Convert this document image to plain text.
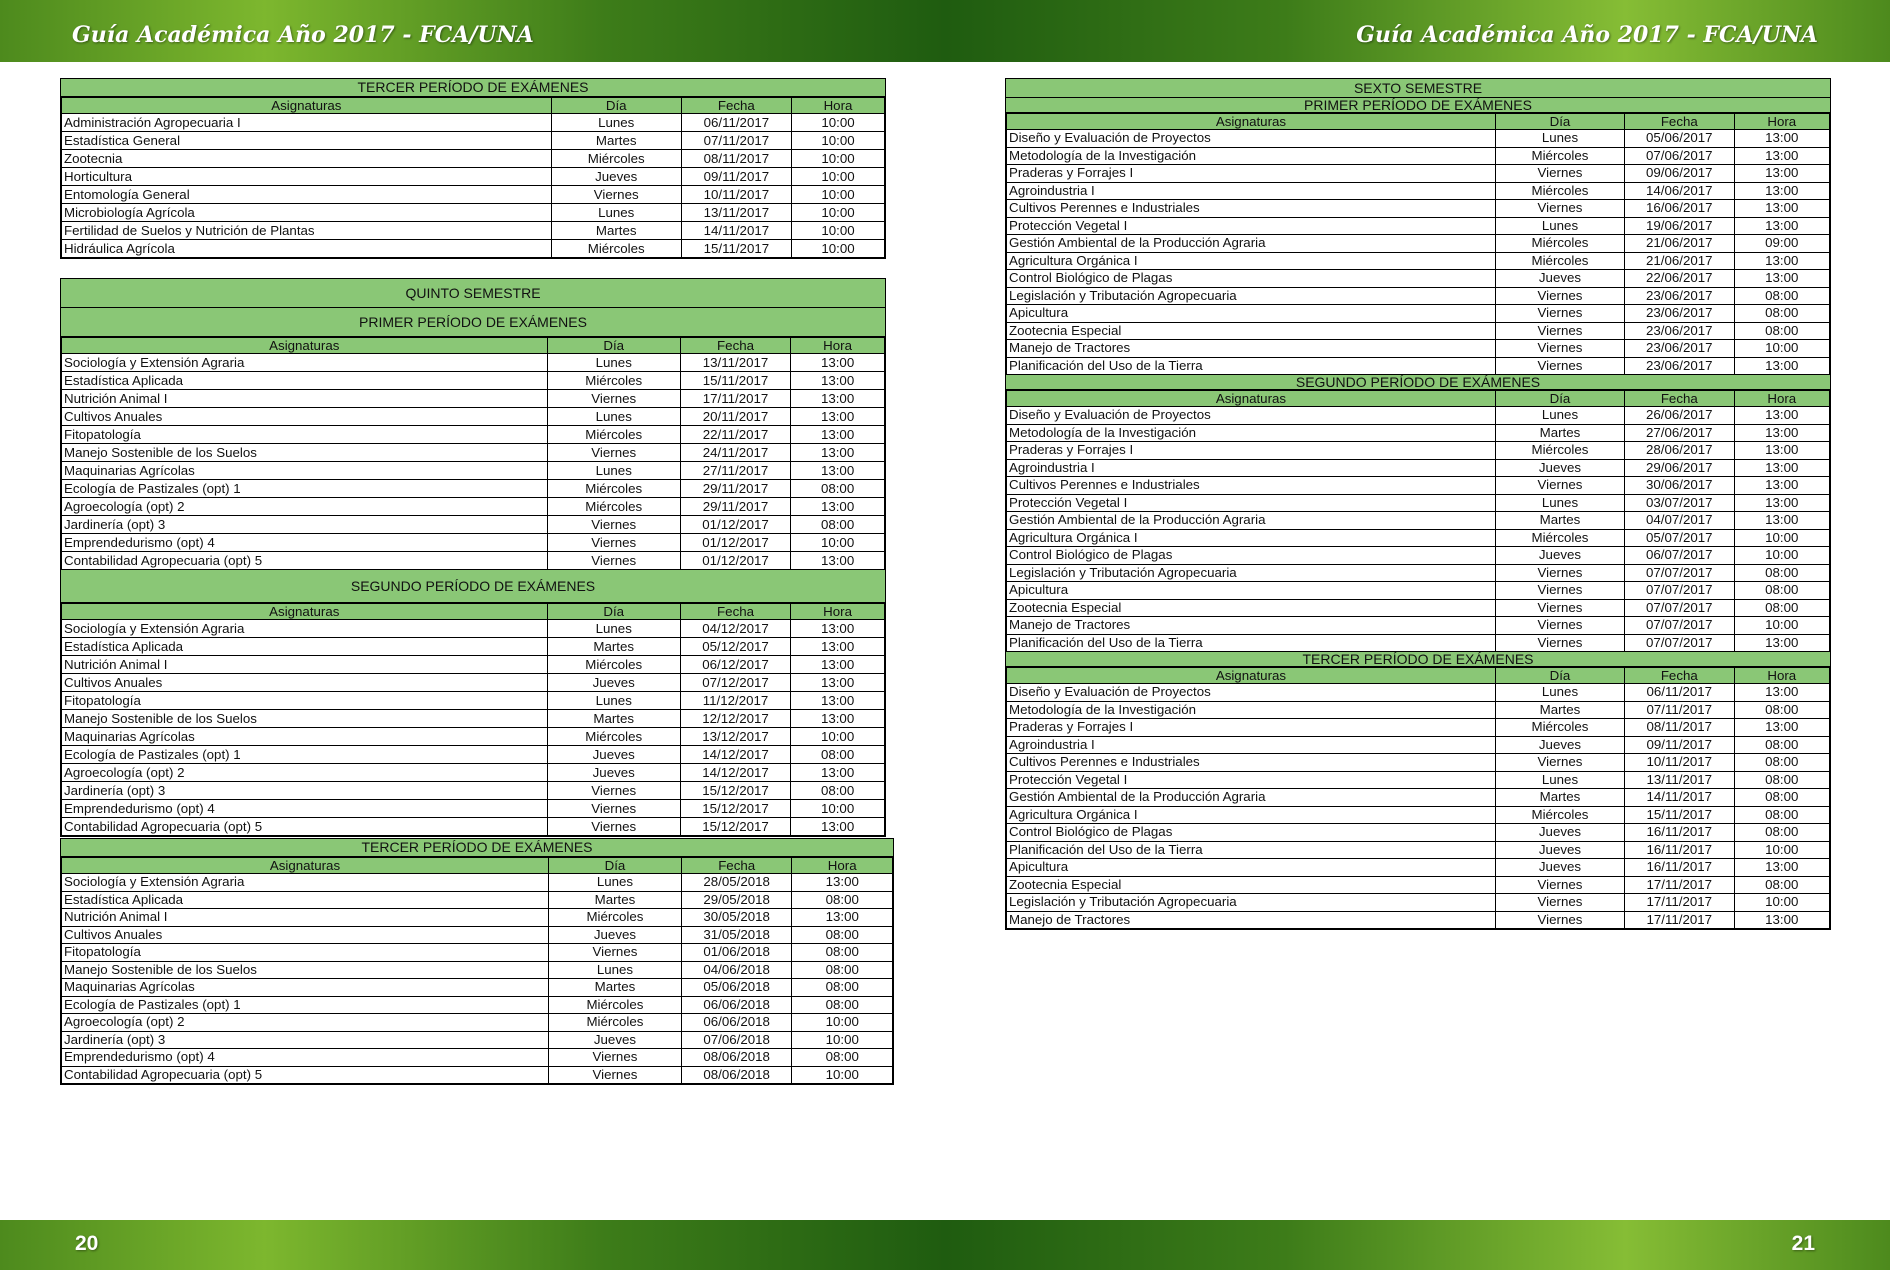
Guía Académica Año 2017 - FCA/UNA	Guía Académica Año 2017 - FCA/UNA
TERCER PERÍODO DE EXÁMENES
Asignaturas	Día	Fecha	Hora
Administración Agropecuaria I	Lunes	06/11/2017	10:00
Estadística General	Martes	07/11/2017	10:00
Zootecnia	Miércoles	08/11/2017	10:00
Horticultura	Jueves	09/11/2017	10:00
Entomología General	Viernes	10/11/2017	10:00
Microbiología Agrícola	Lunes	13/11/2017	10:00
Fertilidad de Suelos y Nutrición de Plantas	Martes	14/11/2017	10:00
Hidráulica Agrícola	Miércoles	15/11/2017	10:00
QUINTO SEMESTRE
PRIMER PERÍODO DE EXÁMENES
Asignaturas	Día	Fecha	Hora
Sociología y Extensión Agraria	Lunes	13/11/2017	13:00
Estadística Aplicada	Miércoles	15/11/2017	13:00
Nutrición Animal I	Viernes	17/11/2017	13:00
Cultivos Anuales	Lunes	20/11/2017	13:00
Fitopatología	Miércoles	22/11/2017	13:00
Manejo Sostenible de los Suelos	Viernes	24/11/2017	13:00
Maquinarias Agrícolas	Lunes	27/11/2017	13:00
Ecología de Pastizales (opt) 1	Miércoles	29/11/2017	08:00
Agroecología (opt) 2	Miércoles	29/11/2017	13:00
Jardinería (opt) 3	Viernes	01/12/2017	08:00
Emprendedurismo (opt) 4	Viernes	01/12/2017	10:00
Contabilidad Agropecuaria (opt) 5	Viernes	01/12/2017	13:00
SEGUNDO PERÍODO DE EXÁMENES
Asignaturas	Día	Fecha	Hora
Sociología y Extensión Agraria	Lunes	04/12/2017	13:00
Estadística Aplicada	Martes	05/12/2017	13:00
Nutrición Animal I	Miércoles	06/12/2017	13:00
Cultivos Anuales	Jueves	07/12/2017	13:00
Fitopatología	Lunes	11/12/2017	13:00
Manejo Sostenible de los Suelos	Martes	12/12/2017	13:00
Maquinarias Agrícolas	Miércoles	13/12/2017	10:00
Ecología de Pastizales (opt) 1	Jueves	14/12/2017	08:00
Agroecología (opt) 2	Jueves	14/12/2017	13:00
Jardinería (opt) 3	Viernes	15/12/2017	08:00
Emprendedurismo (opt) 4	Viernes	15/12/2017	10:00
Contabilidad Agropecuaria (opt) 5	Viernes	15/12/2017	13:00
TERCER PERÍODO DE EXÁMENES
Asignaturas	Día	Fecha	Hora
Sociología y Extensión Agraria	Lunes	28/05/2018	13:00
Estadística Aplicada	Martes	29/05/2018	08:00
Nutrición Animal I	Miércoles	30/05/2018	13:00
Cultivos Anuales	Jueves	31/05/2018	08:00
Fitopatología	Viernes	01/06/2018	08:00
Manejo Sostenible de los Suelos	Lunes	04/06/2018	08:00
Maquinarias Agrícolas	Martes	05/06/2018	08:00
Ecología de Pastizales (opt) 1	Miércoles	06/06/2018	08:00
Agroecología (opt) 2	Miércoles	06/06/2018	10:00
Jardinería (opt) 3	Jueves	07/06/2018	10:00
Emprendedurismo (opt) 4	Viernes	08/06/2018	08:00
Contabilidad Agropecuaria (opt) 5	Viernes	08/06/2018	10:00
SEXTO SEMESTRE
PRIMER PERÍODO DE EXÁMENES
Asignaturas	Día	Fecha	Hora
Diseño y Evaluación de Proyectos	Lunes	05/06/2017	13:00
Metodología de la Investigación	Miércoles	07/06/2017	13:00
Praderas y Forrajes I	Viernes	09/06/2017	13:00
Agroindustria I	Miércoles	14/06/2017	13:00
Cultivos Perennes e Industriales	Viernes	16/06/2017	13:00
Protección Vegetal I	Lunes	19/06/2017	13:00
Gestión Ambiental de la Producción Agraria	Miércoles	21/06/2017	09:00
Agricultura Orgánica I	Miércoles	21/06/2017	13:00
Control Biológico de Plagas	Jueves	22/06/2017	13:00
Legislación y Tributación Agropecuaria	Viernes	23/06/2017	08:00
Apicultura	Viernes	23/06/2017	08:00
Zootecnia Especial	Viernes	23/06/2017	08:00
Manejo de Tractores	Viernes	23/06/2017	10:00
Planificación del Uso de la Tierra	Viernes	23/06/2017	13:00
SEGUNDO PERÍODO DE EXÁMENES
Asignaturas	Día	Fecha	Hora
Diseño y Evaluación de Proyectos	Lunes	26/06/2017	13:00
Metodología de la Investigación	Martes	27/06/2017	13:00
Praderas y Forrajes I	Miércoles	28/06/2017	13:00
Agroindustria I	Jueves	29/06/2017	13:00
Cultivos Perennes e Industriales	Viernes	30/06/2017	13:00
Protección Vegetal I	Lunes	03/07/2017	13:00
Gestión Ambiental de la Producción Agraria	Martes	04/07/2017	13:00
Agricultura Orgánica I	Miércoles	05/07/2017	10:00
Control Biológico de Plagas	Jueves	06/07/2017	10:00
Legislación y Tributación Agropecuaria	Viernes	07/07/2017	08:00
Apicultura	Viernes	07/07/2017	08:00
Zootecnia Especial	Viernes	07/07/2017	08:00
Manejo de Tractores	Viernes	07/07/2017	10:00
Planificación del Uso de la Tierra	Viernes	07/07/2017	13:00
TERCER PERÍODO DE EXÁMENES
Asignaturas	Día	Fecha	Hora
Diseño y Evaluación de Proyectos	Lunes	06/11/2017	13:00
Metodología de la Investigación	Martes	07/11/2017	08:00
Praderas y Forrajes I	Miércoles	08/11/2017	13:00
Agroindustria I	Jueves	09/11/2017	08:00
Cultivos Perennes e Industriales	Viernes	10/11/2017	08:00
Protección Vegetal I	Lunes	13/11/2017	08:00
Gestión Ambiental de la Producción Agraria	Martes	14/11/2017	08:00
Agricultura Orgánica I	Miércoles	15/11/2017	08:00
Control Biológico de Plagas	Jueves	16/11/2017	08:00
Planificación del Uso de la Tierra	Jueves	16/11/2017	10:00
Apicultura	Jueves	16/11/2017	13:00
Zootecnia Especial	Viernes	17/11/2017	08:00
Legislación y Tributación Agropecuaria	Viernes	17/11/2017	10:00
Manejo de Tractores	Viernes	17/11/2017	13:00
20	21
